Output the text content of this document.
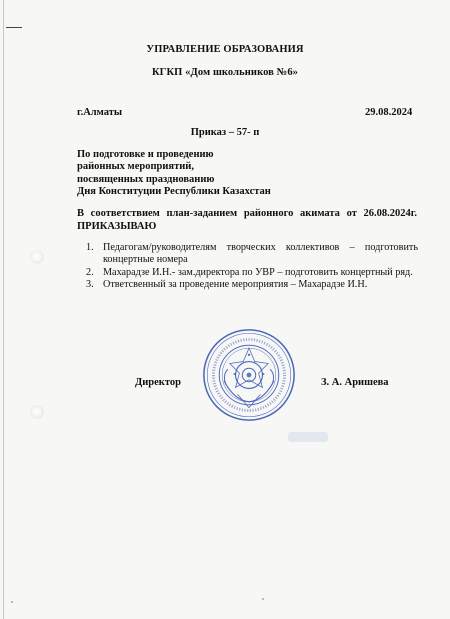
УПРАВЛЕНИЕ ОБРАЗОВАНИЯ
КГКП «Дом школьников №6»
г.Алматы	29.08.2024
Приказ – 57- п
По подготовке и проведению
районных мероприятий,
посвященных празднованию
Дня Конституции Республики Казахстан
В соответствием план-заданием районного акимата от 26.08.2024г.
ПРИКАЗЫВАЮ
1. Педагогам/руководителям творческих коллективов – подготовить концертные номера
2. Махарадзе И.Н.- зам.директора по УВР – подготовить концертный ряд.
3. Ответсвенный за проведение мероприятия – Махарадзе И.Н.
Директор	З. А. Аришева
